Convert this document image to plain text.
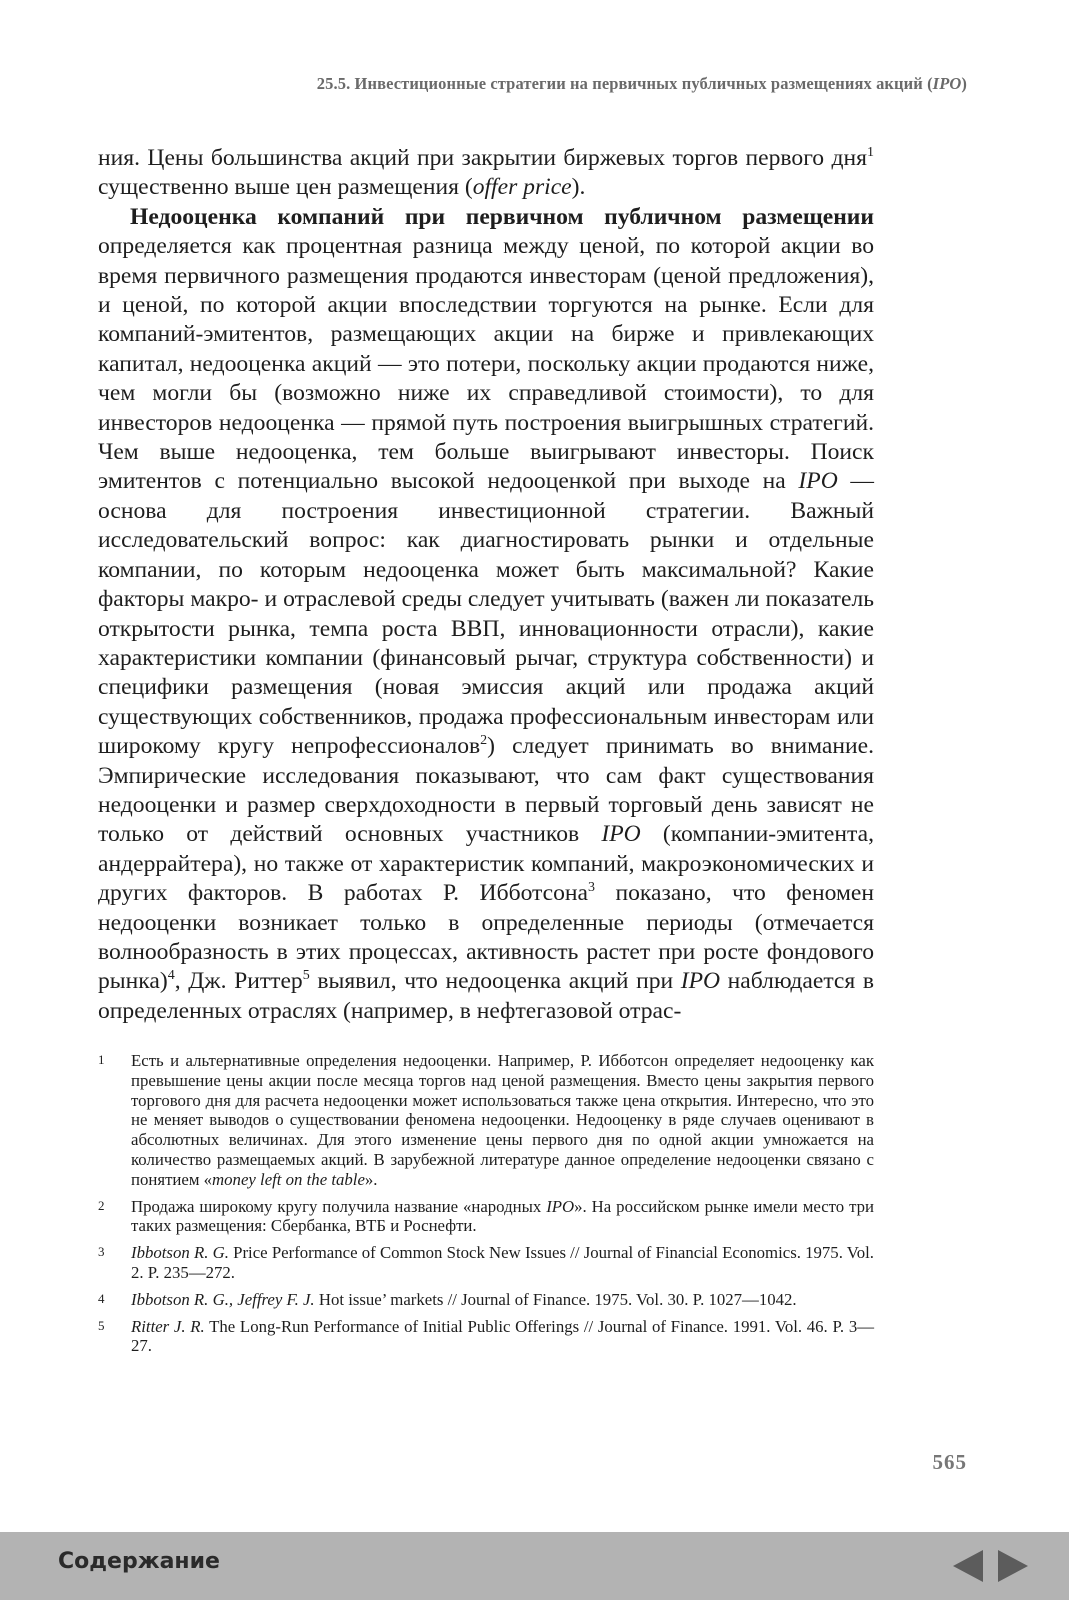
25.5. Инвестиционные стратегии на первичных публичных размещениях акций (IPO)

ния. Цены большинства акций при закрытии биржевых торгов первого дня$^1$ существенно выше цен размещения (offer price).

Недооценка компаний при первичном публичном размещении определяется как процентная разница между ценой, по которой акции во время первичного размещения продаются инвесторам (ценой предложения), и ценой, по которой акции впоследствии торгуются на рынке. Если для компаний-эмитентов, размещающих акции на бирже и привлекающих капитал, недооценка акций — это потери, поскольку акции продаются ниже, чем могли бы (возможно ниже их справедливой стоимости), то для инвесторов недооценка — прямой путь построения выигрышных стратегий. Чем выше недооценка, тем больше выигрывают инвесторы. Поиск эмитентов с потенциально высокой недооценкой при выходе на IPO — основа для построения инвестиционной стратегии. Важный исследовательский вопрос: как диагностировать рынки и отдельные компании, по которым недооценка может быть максимальной? Какие факторы макро- и отраслевой среды следует учитывать (важен ли показатель открытости рынка, темпа роста ВВП, инновационности отрасли), какие характеристики компании (финансовый рычаг, структура собственности) и специфики размещения (новая эмиссия акций или продажа акций существующих собственников, продажа профессиональным инвесторам или широкому кругу непрофессионалов$^2$) следует принимать во внимание. Эмпирические исследования показывают, что сам факт существования недооценки и размер сверхдоходности в первый торговый день зависят не только от действий основных участников IPO (компании-эмитента, андеррайтера), но также от характеристик компаний, макроэкономических и других факторов. В работах Р. Ибботсона$^3$ показано, что феномен недооценки возникает только в определенные периоды (отмечается волнообразность в этих процессах, активность растет при росте фондового рынка)$^4$, Дж. Риттер$^5$ выявил, что недооценка акций при IPO наблюдается в определенных отраслях (например, в нефтегазовой отрас-

1	Есть и альтернативные определения недооценки. Например, Р. Ибботсон определяет недооценку как превышение цены акции после месяца торгов над ценой размещения. Вместо цены закрытия первого торгового дня для расчета недооценки может использоваться также цена открытия. Интересно, что это не меняет выводов о существовании феномена недооценки. Недооценку в ряде случаев оценивают в абсолютных величинах. Для этого изменение цены первого дня по одной акции умножается на количество размещаемых акций. В зарубежной литературе данное определение недооценки связано с понятием «money left on the table».
2	Продажа широкому кругу получила название «народных IPO». На российском рынке имели место три таких размещения: Сбербанка, ВТБ и Роснефти.
3	Ibbotson R. G. Price Performance of Common Stock New Issues // Journal of Financial Economics. 1975. Vol. 2. P. 235—272.
4	Ibbotson R. G., Jeffrey F. J. Hot issue’ markets // Journal of Finance. 1975. Vol. 30. P. 1027—1042.
5	Ritter J. R. The Long-Run Performance of Initial Public Offerings // Journal of Finance. 1991. Vol. 46. P. 3—27.
565
Содержание
